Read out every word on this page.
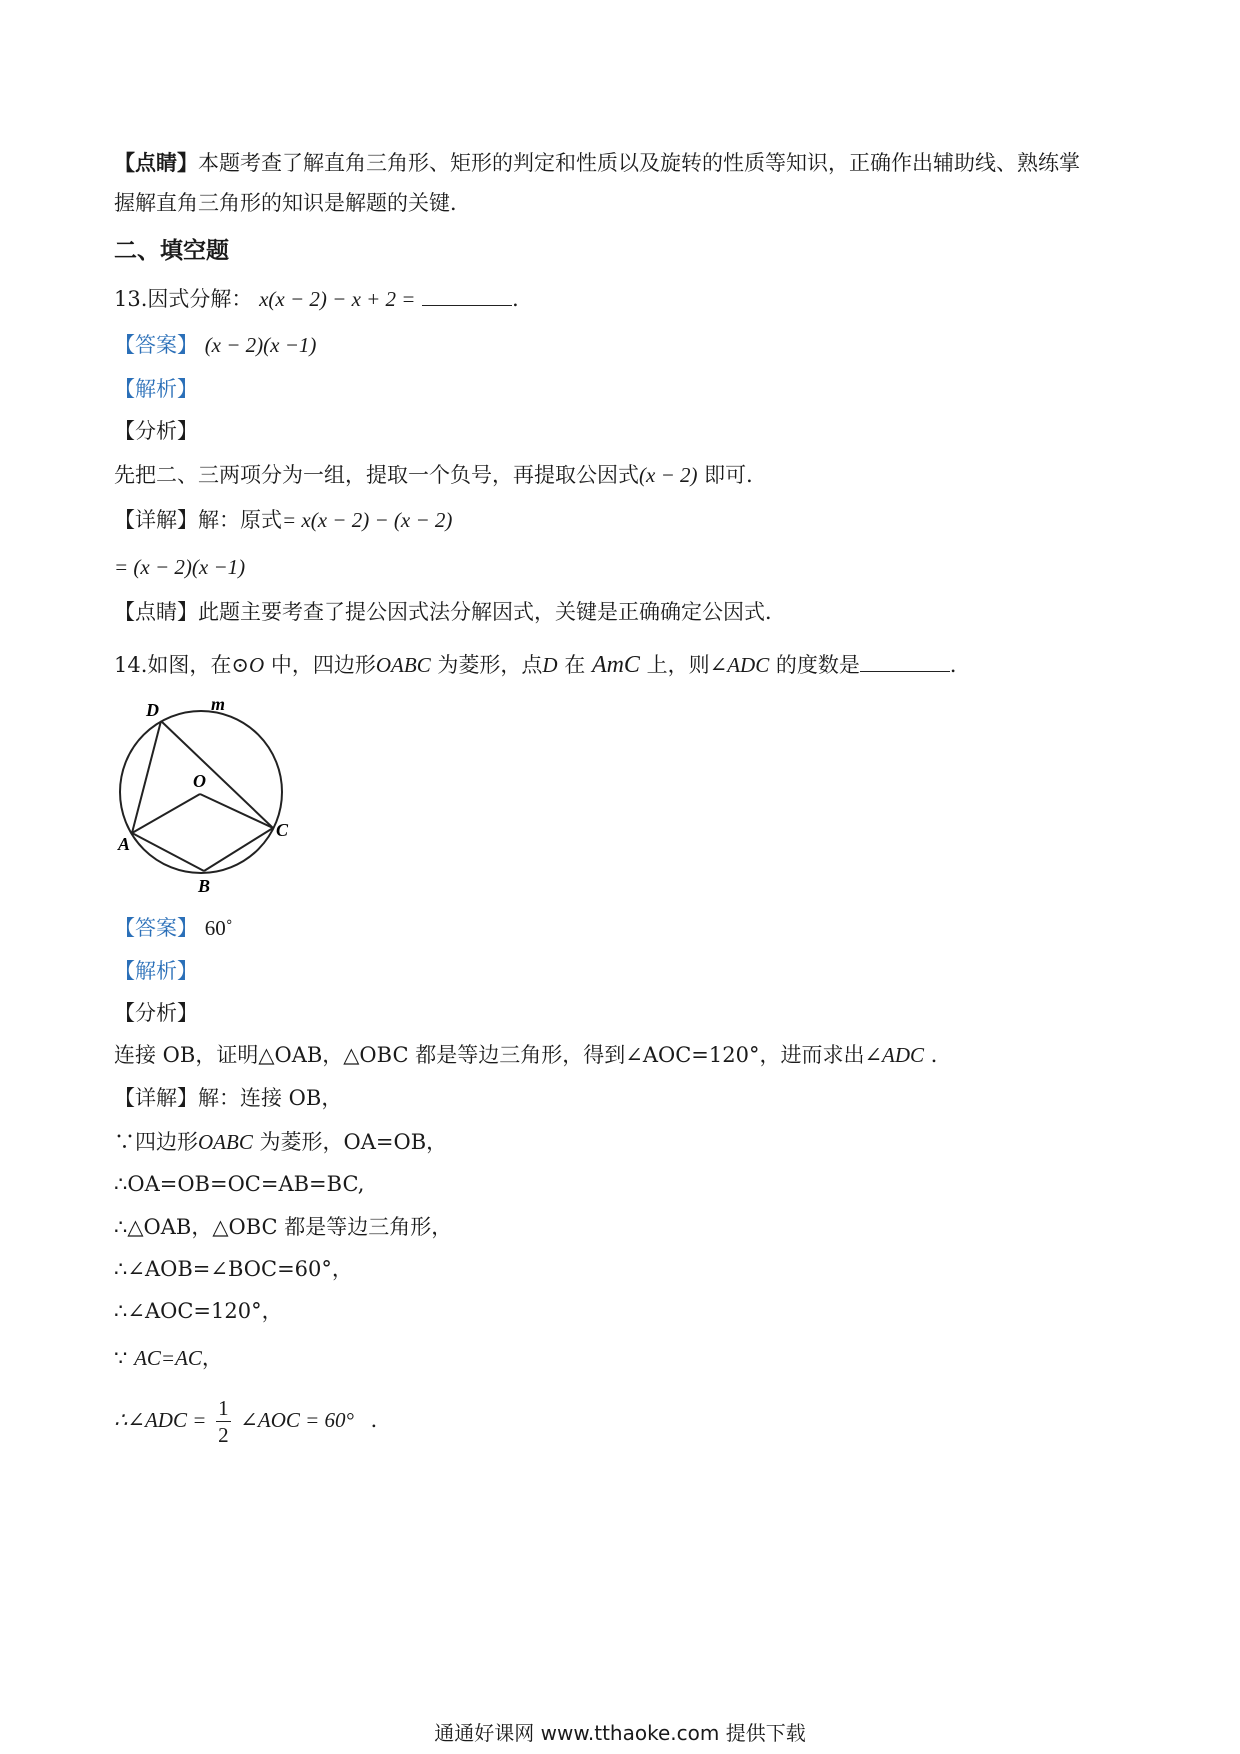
【点睛】本题考查了解直角三角形、矩形的判定和性质以及旋转的性质等知识，正确作出辅助线、熟练掌
握解直角三角形的知识是解题的关键．
二、填空题
13.因式分解： x(x − 2) − x + 2 =	．
【答案】 (x − 2)(x −1)
【解析】
【分析】
先把二、三两项分为一组，提取一个负号，再提取公因式(x − 2) 即可．
【详解】解：原式= x(x − 2) − (x − 2)
= (x − 2)(x −1)
【点睛】此题主要考查了提公因式法分解因式，关键是正确确定公因式．
14.如图，在⊙O 中，四边形OABC 为菱形，点D 在 AmC 上，则∠ADC 的度数是	．
D	m
O
A
B
C
【答案】 60˚
【解析】
【分析】
连接 OB，证明△OAB，△OBC 都是等边三角形，得到∠AOC=120°，进而求出∠ADC ．
【详解】解：连接 OB，
∵四边形OABC 为菱形，OA=OB，
∴OA=OB=OC=AB=BC,
∴△OAB，△OBC 都是等边三角形，
∴∠AOB=∠BOC=60°，
∴∠AOC=120°，
∵ AC=AC，
∴∠ADC = $\frac{1}{2}$ ∠AOC = 60° ．
通通好课网 www.tthaoke.com 提供下载
